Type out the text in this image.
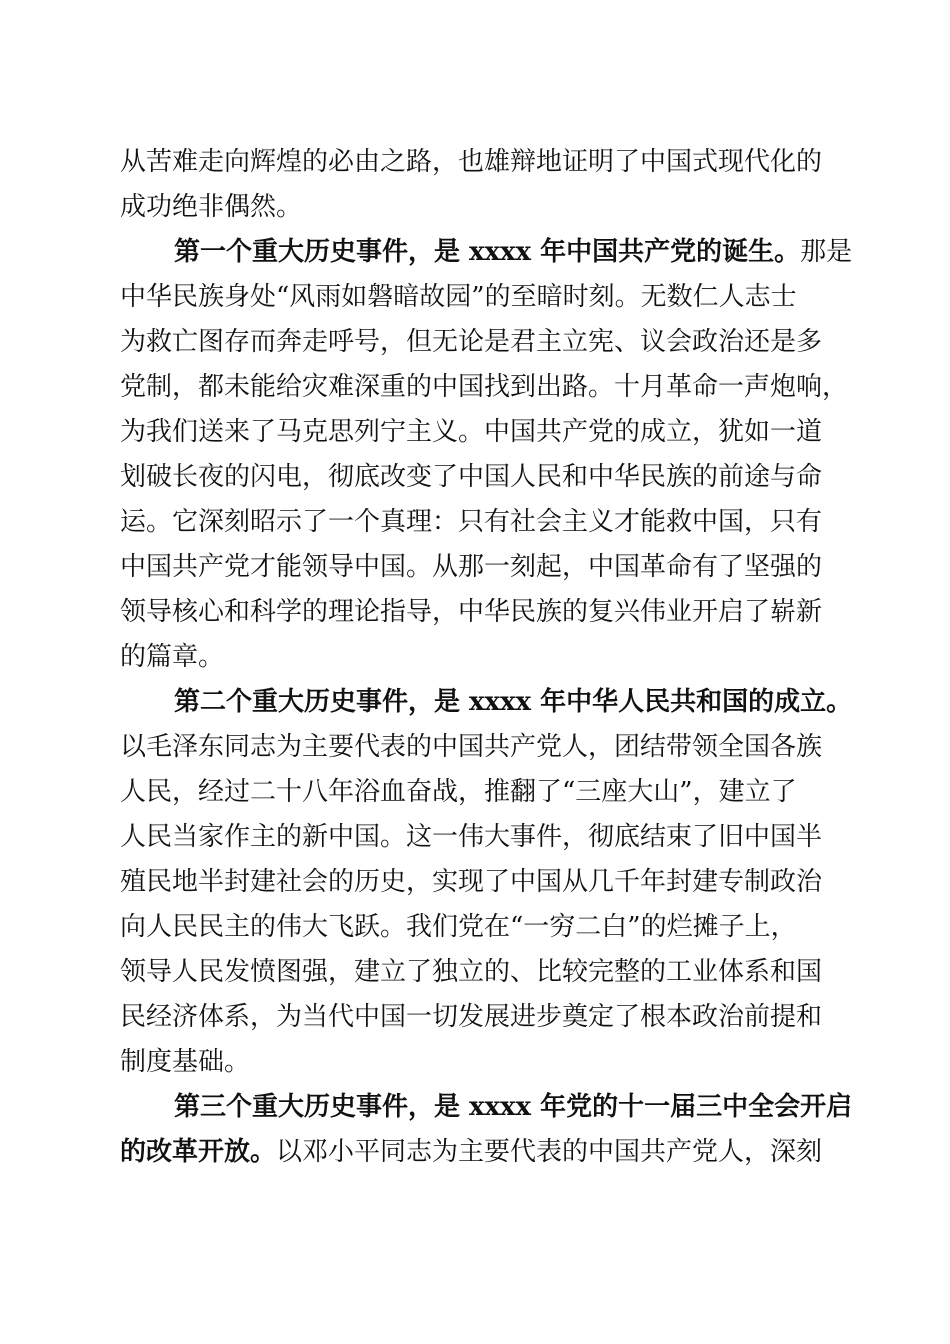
从苦难走向辉煌的必由之路，也雄辩地证明了中国式现代化的
成功绝非偶然。
第一个重大历史事件，是 xxxx 年中国共产党的诞生。那是
中华民族身处“风雨如磐暗故园”的至暗时刻。无数仁人志士
为救亡图存而奔走呼号，但无论是君主立宪、议会政治还是多
党制，都未能给灾难深重的中国找到出路。十月革命一声炮响，
为我们送来了马克思列宁主义。中国共产党的成立，犹如一道
划破长夜的闪电，彻底改变了中国人民和中华民族的前途与命
运。它深刻昭示了一个真理：只有社会主义才能救中国，只有
中国共产党才能领导中国。从那一刻起，中国革命有了坚强的
领导核心和科学的理论指导，中华民族的复兴伟业开启了崭新
的篇章。
第二个重大历史事件，是 xxxx 年中华人民共和国的成立。
以毛泽东同志为主要代表的中国共产党人，团结带领全国各族
人民，经过二十八年浴血奋战，推翻了“三座大山”，建立了
人民当家作主的新中国。这一伟大事件，彻底结束了旧中国半
殖民地半封建社会的历史，实现了中国从几千年封建专制政治
向人民民主的伟大飞跃。我们党在“一穷二白”的烂摊子上，
领导人民发愤图强，建立了独立的、比较完整的工业体系和国
民经济体系，为当代中国一切发展进步奠定了根本政治前提和
制度基础。
第三个重大历史事件，是 xxxx 年党的十一届三中全会开启
的改革开放。以邓小平同志为主要代表的中国共产党人，深刻
